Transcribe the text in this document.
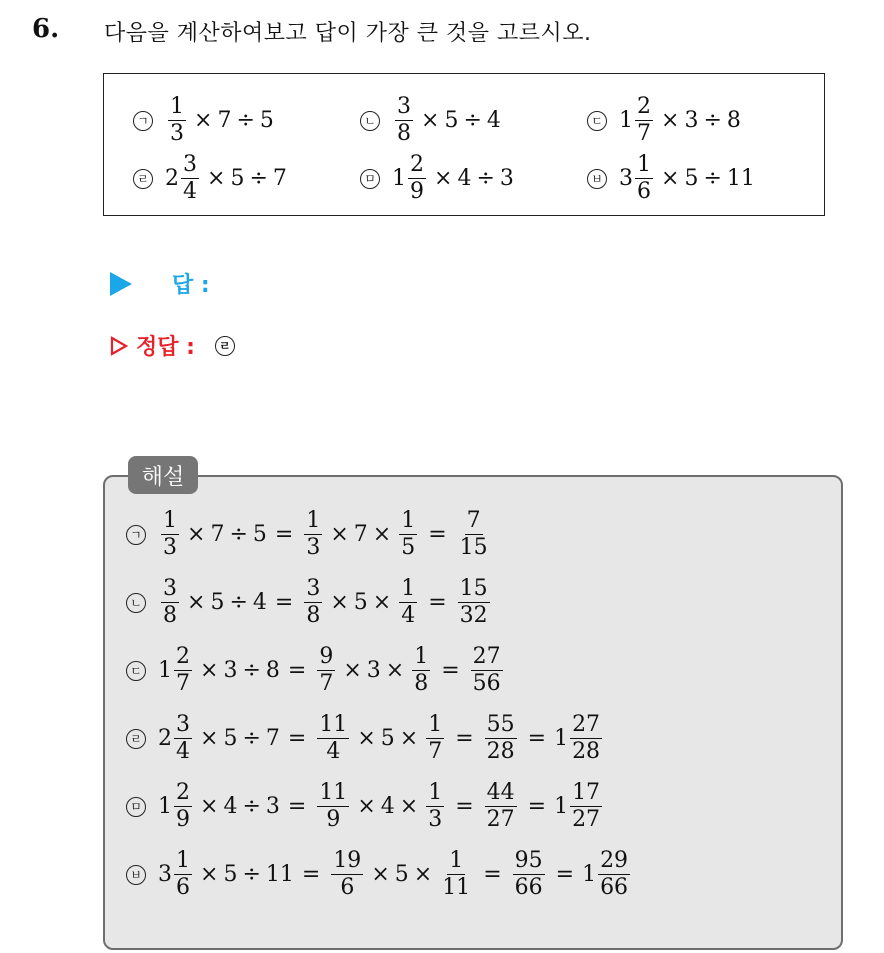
6. 다음을 계산하여보고 답이 가장 큰 것을 고르시오.
ㄱ $\frac{1}{3} \times 7 \div 5$	ㄴ $\frac{3}{8} \times 5 \div 4$	ㄷ $1 \frac{2}{7} \times 3 \div 8$
ㄹ $2 \frac{3}{4} \times 5 \div 7$	ㅁ $1 \frac{2}{9} \times 4 \div 3$	ㅂ $3 \frac{1}{6} \times 5 \div 11$
답 :
정답 :	ㄹ
해설
ㄱ $\frac{1}{3} \times 7 \div 5 = \frac{1}{3} \times 7 \times \frac{1}{5} = \frac{7}{15}$
ㄴ $\frac{3}{8} \times 5 \div 4 = \frac{3}{8} \times 5 \times \frac{1}{4} = \frac{15}{32}$
ㄷ $1 \frac{2}{7} \times 3 \div 8 = \frac{9}{7} \times 3 \times \frac{1}{8} = \frac{27}{56}$
ㄹ $2 \frac{3}{4} \times 5 \div 7 = \frac{11}{4} \times 5 \times \frac{1}{7} = \frac{55}{28} = 1 \frac{27}{28}$
ㅁ $1 \frac{2}{9} \times 4 \div 3 = \frac{11}{9} \times 4 \times \frac{1}{3} = \frac{44}{27} = 1 \frac{17}{27}$
ㅂ $3 \frac{1}{6} \times 5 \div 11 = \frac{19}{6} \times 5 \times \frac{1}{11} = \frac{95}{66} = 1 \frac{29}{66}$
